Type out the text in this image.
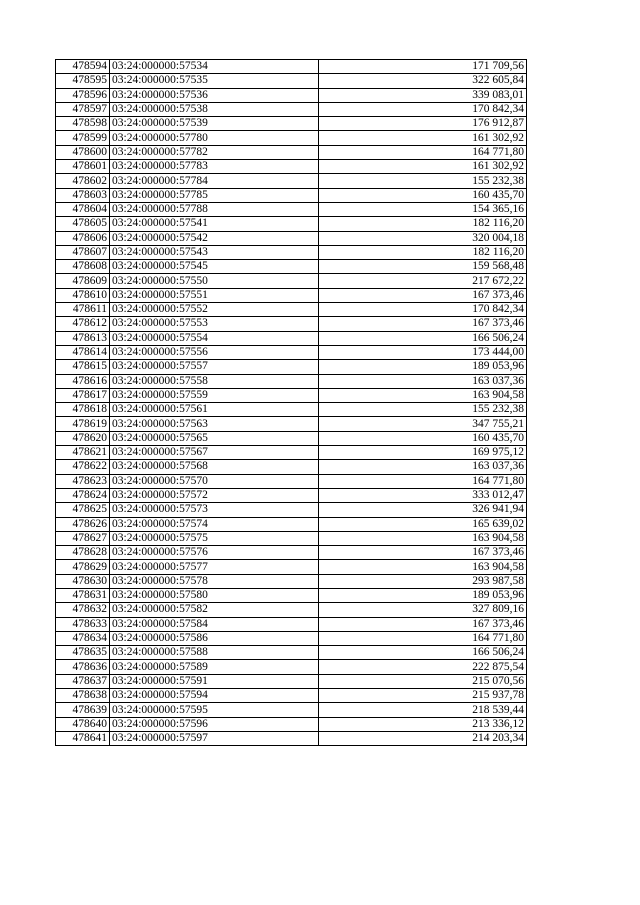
478594	03:24:000000:57534	171 709,56
478595	03:24:000000:57535	322 605,84
478596	03:24:000000:57536	339 083,01
478597	03:24:000000:57538	170 842,34
478598	03:24:000000:57539	176 912,87
478599	03:24:000000:57780	161 302,92
478600	03:24:000000:57782	164 771,80
478601	03:24:000000:57783	161 302,92
478602	03:24:000000:57784	155 232,38
478603	03:24:000000:57785	160 435,70
478604	03:24:000000:57788	154 365,16
478605	03:24:000000:57541	182 116,20
478606	03:24:000000:57542	320 004,18
478607	03:24:000000:57543	182 116,20
478608	03:24:000000:57545	159 568,48
478609	03:24:000000:57550	217 672,22
478610	03:24:000000:57551	167 373,46
478611	03:24:000000:57552	170 842,34
478612	03:24:000000:57553	167 373,46
478613	03:24:000000:57554	166 506,24
478614	03:24:000000:57556	173 444,00
478615	03:24:000000:57557	189 053,96
478616	03:24:000000:57558	163 037,36
478617	03:24:000000:57559	163 904,58
478618	03:24:000000:57561	155 232,38
478619	03:24:000000:57563	347 755,21
478620	03:24:000000:57565	160 435,70
478621	03:24:000000:57567	169 975,12
478622	03:24:000000:57568	163 037,36
478623	03:24:000000:57570	164 771,80
478624	03:24:000000:57572	333 012,47
478625	03:24:000000:57573	326 941,94
478626	03:24:000000:57574	165 639,02
478627	03:24:000000:57575	163 904,58
478628	03:24:000000:57576	167 373,46
478629	03:24:000000:57577	163 904,58
478630	03:24:000000:57578	293 987,58
478631	03:24:000000:57580	189 053,96
478632	03:24:000000:57582	327 809,16
478633	03:24:000000:57584	167 373,46
478634	03:24:000000:57586	164 771,80
478635	03:24:000000:57588	166 506,24
478636	03:24:000000:57589	222 875,54
478637	03:24:000000:57591	215 070,56
478638	03:24:000000:57594	215 937,78
478639	03:24:000000:57595	218 539,44
478640	03:24:000000:57596	213 336,12
478641	03:24:000000:57597	214 203,34
